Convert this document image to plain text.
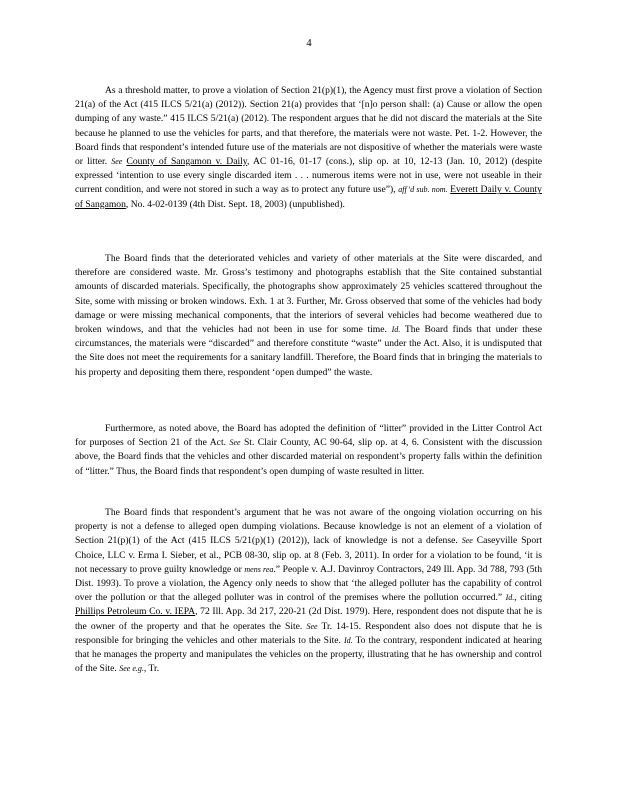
4

As a threshold matter, to prove a violation of Section 21(p)(1), the Agency must first prove a violation of Section 21(a) of the Act (415 ILCS 5/21(a) (2012)). Section 21(a) provides that ‘[n]o person shall: (a) Cause or allow the open dumping of any waste.” 415 ILCS 5/21(a) (2012). The respondent argues that he did not discard the materials at the Site because he planned to use the vehicles for parts, and that therefore, the materials were not waste. Pet. 1-2. However, the Board finds that respondent’s intended future use of the materials are not dispositive of whether the materials were waste or litter. See County of Sangamon v. Daily, AC 01-16, 01-17 (cons.), slip op. at 10, 12-13 (Jan. 10, 2012) (despite expressed ‘intention to use every single discarded item . . . numerous items were not in use, were not useable in their current condition, and were not stored in such a way as to protect any future use”), aff’d sub. nom. Everett Daily v. County of Sangamon, No. 4-02-0139 (4th Dist. Sept. 18, 2003) (unpublished).

The Board finds that the deteriorated vehicles and variety of other materials at the Site were discarded, and therefore are considered waste. Mr. Gross’s testimony and photographs establish that the Site contained substantial amounts of discarded materials. Specifically, the photographs show approximately 25 vehicles scattered throughout the Site, some with missing or broken windows. Exh. 1 at 3. Further, Mr. Gross observed that some of the vehicles had body damage or were missing mechanical components, that the interiors of several vehicles had become weathered due to broken windows, and that the vehicles had not been in use for some time. Id. The Board finds that under these circumstances, the materials were “discarded” and therefore constitute “waste” under the Act. Also, it is undisputed that the Site does not meet the requirements for a sanitary landfill. Therefore, the Board finds that in bringing the materials to his property and depositing them there, respondent ‘open dumped” the waste.

Furthermore, as noted above, the Board has adopted the definition of “litter” provided in the Litter Control Act for purposes of Section 21 of the Act. See St. Clair County, AC 90-64, slip op. at 4, 6. Consistent with the discussion above, the Board finds that the vehicles and other discarded material on respondent’s property falls within the definition of “litter.” Thus, the Board finds that respondent’s open dumping of waste resulted in litter.

The Board finds that respondent’s argument that he was not aware of the ongoing violation occurring on his property is not a defense to alleged open dumping violations. Because knowledge is not an element of a violation of Section 21(p)(1) of the Act (415 ILCS 5/21(p)(1) (2012)), lack of knowledge is not a defense. See Caseyville Sport Choice, LLC v. Erma I. Sieber, et al., PCB 08-30, slip op. at 8 (Feb. 3, 2011). In order for a violation to be found, ‘it is not necessary to prove guilty knowledge or mens rea.” People v. A.J. Davinroy Contractors, 249 Ill. App. 3d 788, 793 (5th Dist. 1993). To prove a violation, the Agency only needs to show that ‘the alleged polluter has the capability of control over the pollution or that the alleged polluter was in control of the premises where the pollution occurred.” Id., citing Phillips Petroleum Co. v. IEPA, 72 Ill. App. 3d 217, 220-21 (2d Dist. 1979). Here, respondent does not dispute that he is the owner of the property and that he operates the Site. See Tr. 14-15. Respondent also does not dispute that he is responsible for bringing the vehicles and other materials to the Site. Id. To the contrary, respondent indicated at hearing that he manages the property and manipulates the vehicles on the property, illustrating that he has ownership and control of the Site. See e.g., Tr.
